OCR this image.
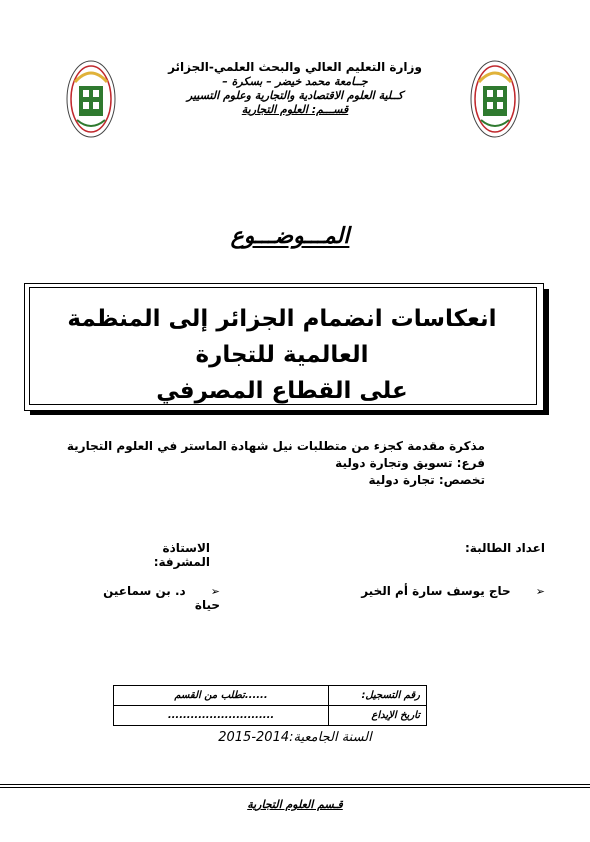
وزارة التعليم العالي والبحث العلمي-الجزائر
جــامعة محمد خيضر – بسكرة –
كــلية العلوم الاقتصادية والتجارية وعلوم التسيير
قســـم: العلوم التجارية
المـــوضـــوع
انعكاسات انضمام الجزائر إلى المنظمة العالمية للتجارة
على القطاع المصرفي
مذكرة مقدمة كجزء من متطلبات نيل شهادة الماستر في العلوم التجارية
فرع: تسويق وتجارة دولية
تخصص: تجارة دولية
اعداد الطالبة:
الاستاذة المشرفة:
➢      حاج يوسف سارة أم الخير
➢      د. بن سماعين حياة
رقم التسجيل:	......تطلب من القسم
تاريخ الإيداع	............................
السنة الجامعية:2014-2015
قـسم العلوم التجارية
